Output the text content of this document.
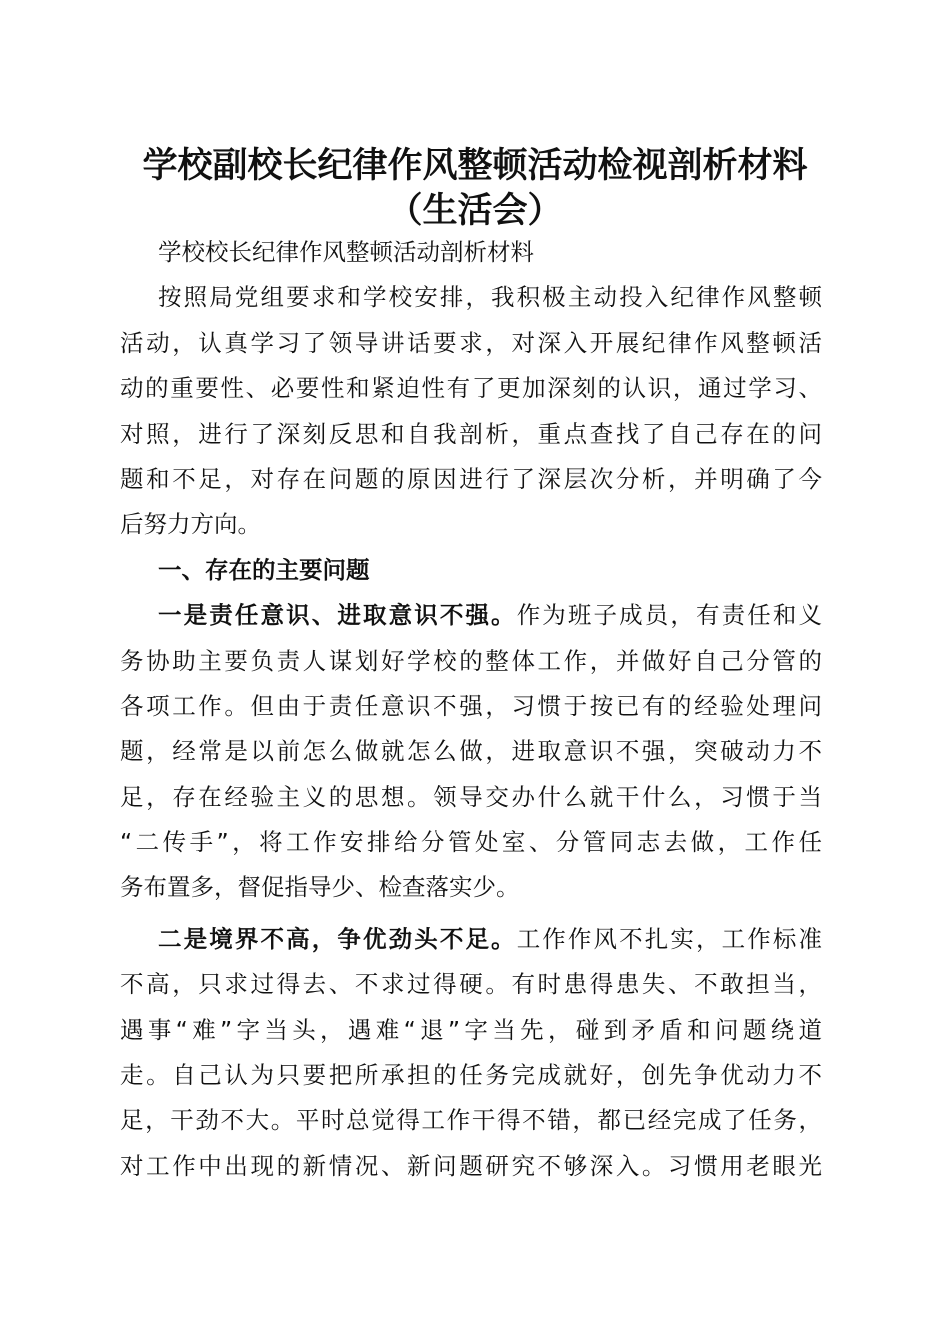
学校副校长纪律作风整顿活动检视剖析材料
（生活会）
学校校长纪律作风整顿活动剖析材料
按照局党组要求和学校安排，我积极主动投入纪律作风整顿
活动，认真学习了领导讲话要求，对深入开展纪律作风整顿活
动的重要性、必要性和紧迫性有了更加深刻的认识，通过学习、
对照，进行了深刻反思和自我剖析，重点查找了自己存在的问
题和不足，对存在问题的原因进行了深层次分析，并明确了今
后努力方向。
一、存在的主要问题
一是责任意识、进取意识不强。作为班子成员，有责任和义
务协助主要负责人谋划好学校的整体工作，并做好自己分管的
各项工作。但由于责任意识不强，习惯于按已有的经验处理问
题，经常是以前怎么做就怎么做，进取意识不强，突破动力不
足，存在经验主义的思想。领导交办什么就干什么，习惯于当
“二传手”，将工作安排给分管处室、分管同志去做，工作任
务布置多，督促指导少、检查落实少。
二是境界不高，争优劲头不足。工作作风不扎实，工作标准
不高，只求过得去、不求过得硬。有时患得患失、不敢担当，
遇事“难”字当头，遇难“退”字当先，碰到矛盾和问题绕道
走。自己认为只要把所承担的任务完成就好，创先争优动力不
足，干劲不大。平时总觉得工作干得不错，都已经完成了任务，
对工作中出现的新情况、新问题研究不够深入。习惯用老眼光
